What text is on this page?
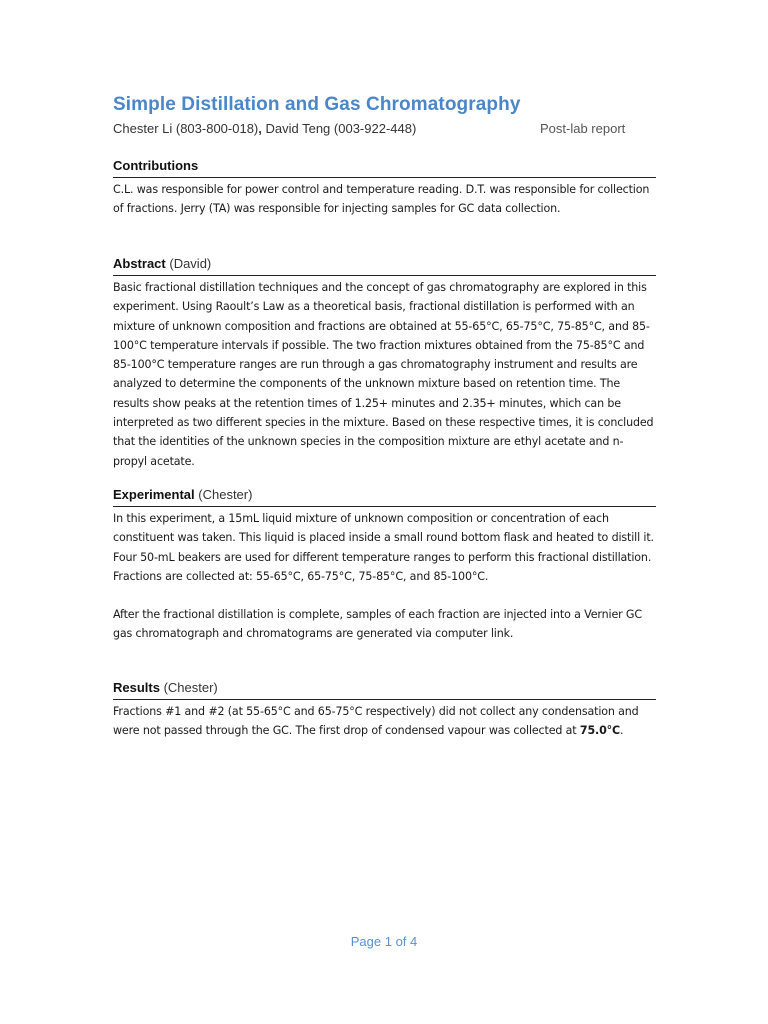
Simple Distillation and Gas Chromatography
Chester Li (803-800-018), David Teng (003-922-448)	Post-lab report
Contributions

C.L. was responsible for power control and temperature reading. D.T. was responsible for collection of fractions. Jerry (TA) was responsible for injecting samples for GC data collection.

Abstract (David)

Basic fractional distillation techniques and the concept of gas chromatography are explored in this experiment. Using Raoult’s Law as a theoretical basis, fractional distillation is performed with an mixture of unknown composition and fractions are obtained at 55-65°C, 65-75°C, 75-85°C, and 85-100°C temperature intervals if possible. The two fraction mixtures obtained from the 75-85°C and 85-100°C temperature ranges are run through a gas chromatography instrument and results are analyzed to determine the components of the unknown mixture based on retention time. The results show peaks at the retention times of 1.25+ minutes and 2.35+ minutes, which can be interpreted as two different species in the mixture. Based on these respective times, it is concluded that the identities of the unknown species in the composition mixture are ethyl acetate and n-propyl acetate.

Experimental (Chester)

In this experiment, a 15mL liquid mixture of unknown composition or concentration of each constituent was taken. This liquid is placed inside a small round bottom flask and heated to distill it. Four 50-mL beakers are used for different temperature ranges to perform this fractional distillation. Fractions are collected at: 55-65°C, 65-75°C, 75-85°C, and 85-100°C.

After the fractional distillation is complete, samples of each fraction are injected into a Vernier GC gas chromatograph and chromatograms are generated via computer link.

Results (Chester)

Fractions #1 and #2 (at 55-65°C and 65-75°C respectively) did not collect any condensation and were not passed through the GC. The first drop of condensed vapour was collected at 75.0°C.

Page 1 of 4
